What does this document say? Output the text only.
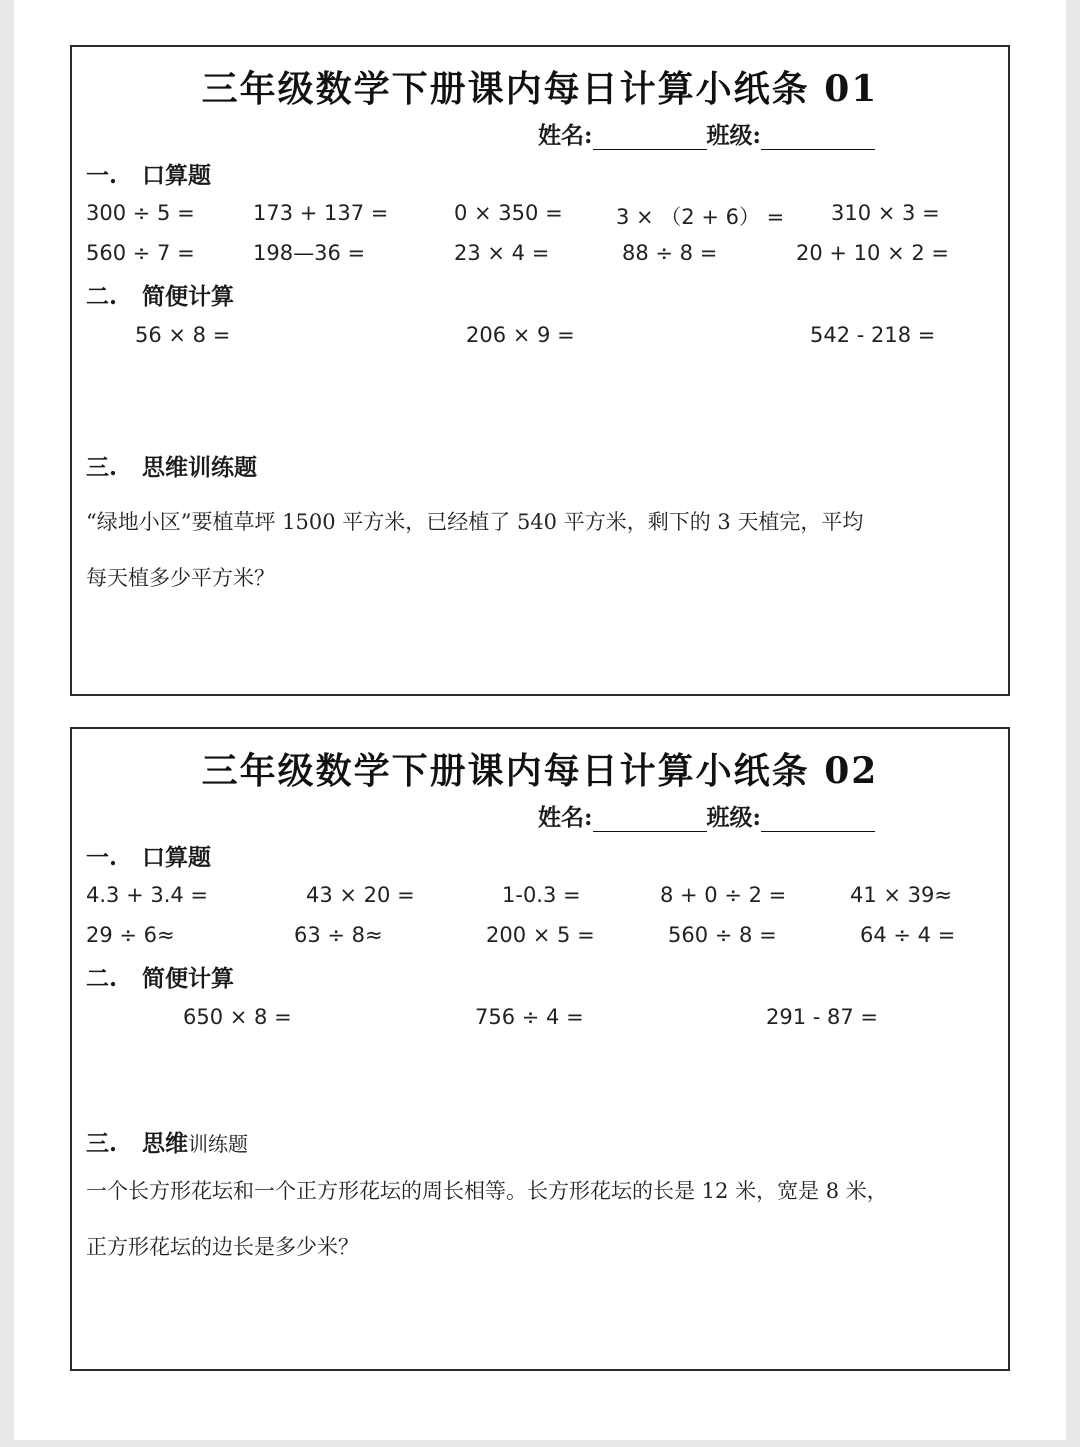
三年级数学下册课内每日计算小纸条 01
姓名:	班级:
一. 口算题
300 ÷ 5 =	173 + 137 =	0 × 350 =	3 × （2 + 6） = 310 × 3 =
560 ÷ 7 =	198—36 =	23 × 4 =	88 ÷ 8 =	20 + 10 × 2 =
二. 简便计算
56 × 8 =	206 × 9 =	542 - 218 =
三. 思维训练题
“绿地小区”要植草坪 1500 平方米，已经植了 540 平方米，剩下的 3 天植完，平均
每天植多少平方米？
三年级数学下册课内每日计算小纸条 02
姓名:	班级:
一. 口算题
4.3 + 3.4 =	43 × 20 =	1-0.3 =	8 + 0 ÷ 2 =	41 × 39≈
29 ÷ 6≈	63 ÷ 8≈	200 × 5 =	560 ÷ 8 =	64 ÷ 4 =
二. 简便计算
650 × 8 =	756 ÷ 4 =	291 - 87 =
三. 思维训练题
一个长方形花坛和一个正方形花坛的周长相等。长方形花坛的长是 12 米，宽是 8 米，
正方形花坛的边长是多少米？
